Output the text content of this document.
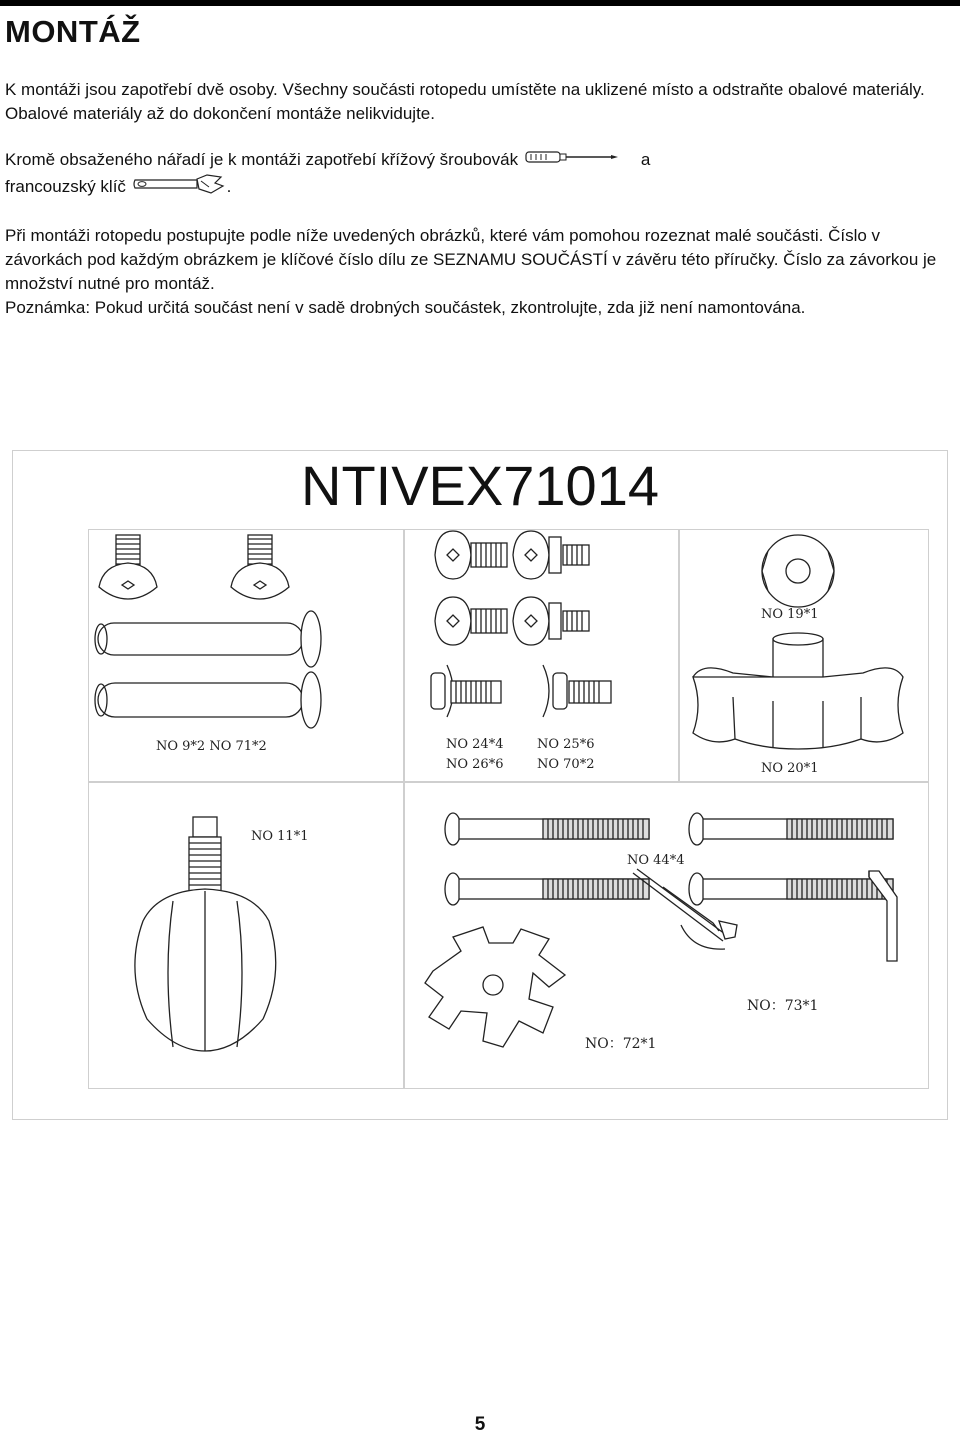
MONTÁŽ

K montáži jsou zapotřebí dvě osoby. Všechny součásti rotopedu umístěte na uklizené místo a odstraňte obalové materiály. Obalové materiály až do dokončení montáže nelikvidujte.

Kromě obsaženého nářadí je k montáži zapotřebí křížový šroubovák	a
francouzský klíč	.

Při montáži rotopedu postupujte podle níže uvedených obrázků, které vám pomohou rozeznat malé součásti. Číslo v závorkách pod každým obrázkem je klíčové číslo dílu ze SEZNAMU SOUČÁSTÍ v závěru této příručky. Číslo za závorkou je množství nutné pro montáž.
Poznámka: Pokud určitá součást není v sadě drobných součástek, zkontrolujte, zda již není namontována.

NTIVEX71014
NO 9*2 NO 71*2	NO 24*4	NO 25*6
NO 26*6	NO 70*2
NO 19*1
NO 20*1
NO 11*1
NO 44*4
NO：72*1
NO：73*1
5
